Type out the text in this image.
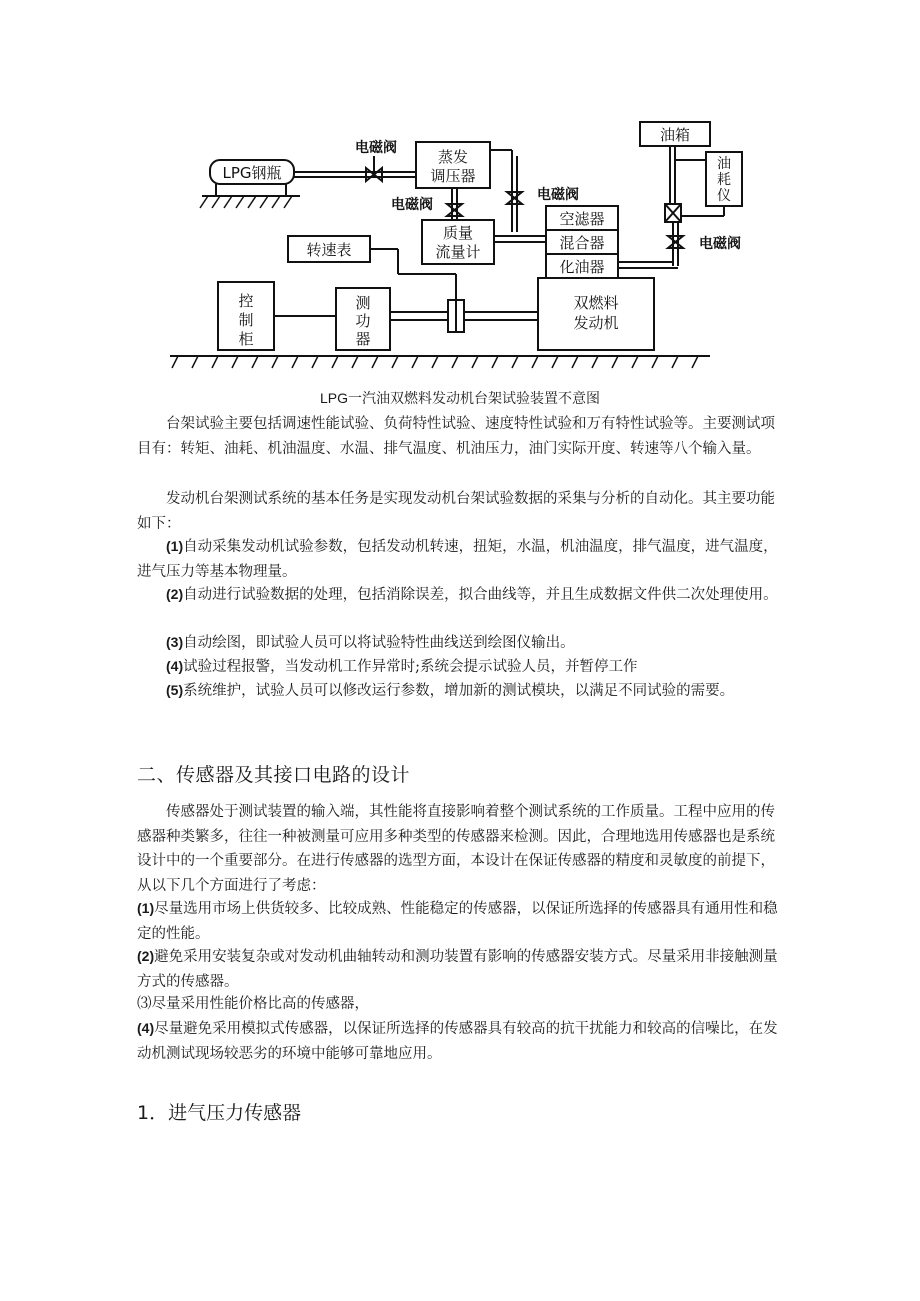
LPG钢瓶
电磁阀	蒸发
调压器
电磁阀
电磁阀
质量
流量计
空滤器
混合器
化油器
油箱
油
耗
仪
电磁阀
转速表
控
制
柜
测
功
器
双燃料
发动机
LPG一汽油双燃料发动机台架试验装置不意图

台架试验主要包括调速性能试验、负荷特性试验、速度特性试验和万有特性试验等。主要测试项目有：转矩、油耗、机油温度、水温、排气温度、机油压力，油门实际开度、转速等八个输入量。

发动机台架测试系统的基本任务是实现发动机台架试验数据的采集与分析的自动化。其主要功能如下：

(1)自动采集发动机试验参数，包括发动机转速，扭矩，水温，机油温度，排气温度，进气温度，进气压力等基本物理量。

(2)自动进行试验数据的处理，包括消除误差，拟合曲线等，并且生成数据文件供二次处理使用。

(3)自动绘图，即试验人员可以将试验特性曲线送到绘图仪输出。

(4)试验过程报警，当发动机工作异常时;系统会提示试验人员，并暂停工作

(5)系统维护，试验人员可以修改运行参数，增加新的测试模块，以满足不同试验的需要。

二、传感器及其接口电路的设计

传感器处于测试装置的输入端，其性能将直接影响着整个测试系统的工作质量。工程中应用的传感器种类繁多，往往一种被测量可应用多种类型的传感器来检测。因此，合理地选用传感器也是系统设计中的一个重要部分。在进行传感器的选型方面，本设计在保证传感器的精度和灵敏度的前提下，从以下几个方面进行了考虑：

(1)尽量选用市场上供货较多、比较成熟、性能稳定的传感器，以保证所选择的传感器具有通用性和稳定的性能。

(2)避免采用安装复杂或对发动机曲轴转动和测功装置有影响的传感器安装方式。尽量采用非接触测量方式的传感器。

⑶尽量采用性能价格比高的传感器，

(4)尽量避免采用模拟式传感器，以保证所选择的传感器具有较高的抗干扰能力和较高的信噪比，在发动机测试现场较恶劣的环境中能够可靠地应用。

1．进气压力传感器
